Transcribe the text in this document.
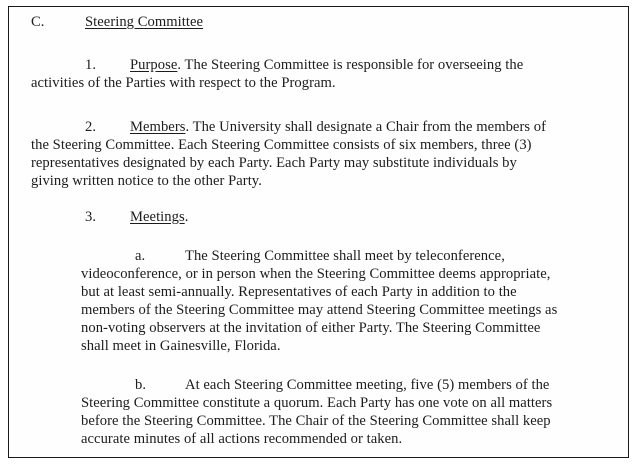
C.	Steering Committee
1. Purpose. The Steering Committee is responsible for overseeing the
activities of the Parties with respect to the Program.
2. Members. The University shall designate a Chair from the members of
the Steering Committee. Each Steering Committee consists of six members, three (3)
representatives designated by each Party. Each Party may substitute individuals by
giving written notice to the other Party.
3. Meetings.
a.	The Steering Committee shall meet by teleconference,
videoconference, or in person when the Steering Committee deems appropriate,
but at least semi-annually. Representatives of each Party in addition to the
members of the Steering Committee may attend Steering Committee meetings as
non-voting observers at the invitation of either Party. The Steering Committee
shall meet in Gainesville, Florida.
b.	At each Steering Committee meeting, five (5) members of the
Steering Committee constitute a quorum. Each Party has one vote on all matters
before the Steering Committee. The Chair of the Steering Committee shall keep
accurate minutes of all actions recommended or taken.
